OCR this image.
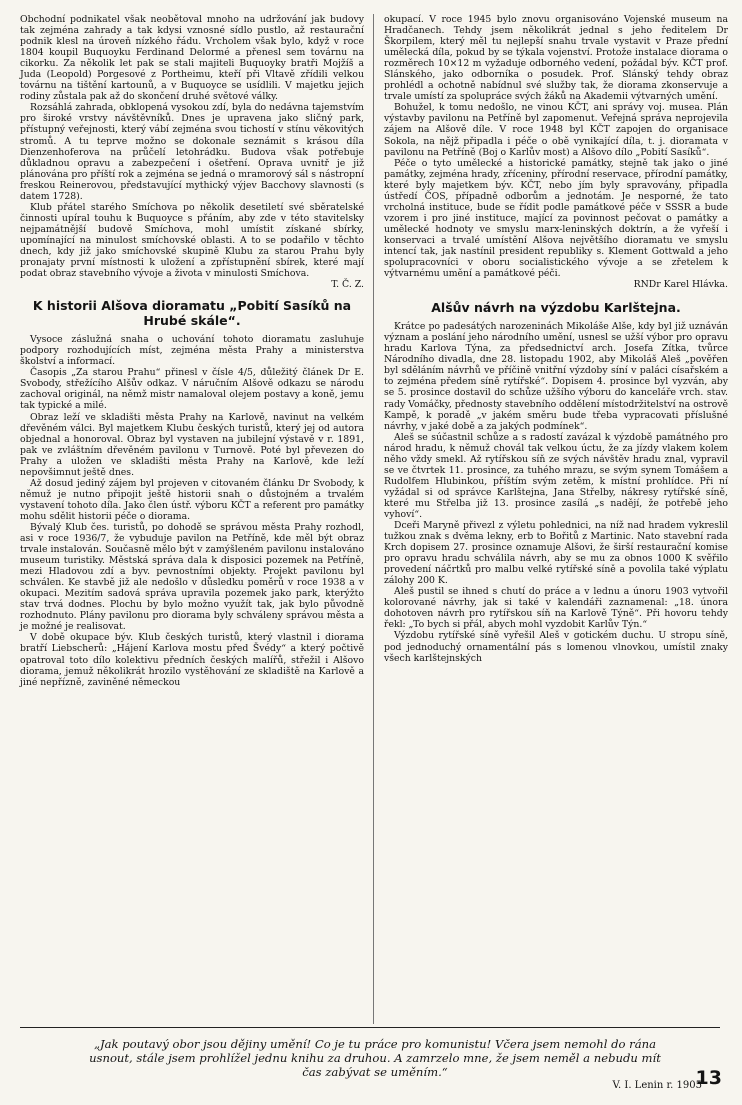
Obchodní podnikatel však neobětoval mnoho na udržování jak budovy tak zejména zahrady a tak kdysi vznosné sídlo pustlo, až restaurační podnik klesl na úroveň nízkého řádu. Vrcholem však bylo, když v roce 1804 koupil Buquoyku Ferdinand Delormé a přenesl sem továrnu na cikorku. Za několik let pak se stali majiteli Buquoyky bratři Mojžíš a Juda (Leopold) Porgesové z Portheimu, kteří při Vltavě zřídili velkou továrnu na tištění kartounů, a v Buquoyce se usídlili. V majetku jejich rodiny zůstala pak až do skončení druhé světové války.

Rozsáhlá zahrada, obklopená vysokou zdí, byla do nedávna tajemstvím pro široké vrstvy návštěvníků. Dnes je upravena jako sličný park, přístupný veřejnosti, který vábí zejména svou tichostí v stínu věkovitých stromů. A tu teprve možno se dokonale seznámit s krásou díla Dienzenhoferova na průčelí letohrádku. Budova však potřebuje důkladnou opravu a zabezpečení i ošetření. Oprava uvnitř je již plánována pro příští rok a zejména se jedná o mramorový sál s nástropní freskou Reinerovou, představující mythický výjev Bacchovy slavnosti (s datem 1728).

Klub přátel starého Smíchova po několik desetiletí své sběratelské činnosti upíral touhu k Buquoyce s přáním, aby zde v této stavitelsky nejpamátnější budově Smíchova, mohl umístit získané sbírky, upomínající na minulost smíchovské oblasti. A to se podařilo v těchto dnech, kdy již jako smíchovské skupině Klubu za starou Prahu byly pronajaty první místnosti k uložení a zpřístupnění sbírek, které mají podat obraz stavebního vývoje a života v minulosti Smíchova.

T. Č. Z.

K historii Alšova dioramatu „Pobití Sasíků na Hrubé skále“.

Vysoce záslužná snaha o uchování tohoto dioramatu zasluhuje podpory rozhodujících míst, zejména města Prahy a ministerstva školství a informací.

Časopis „Za starou Prahu“ přinesl v čísle 4/5, důležitý článek Dr E. Svobody, střežícího Alšův odkaz. V náručním Alšově odkazu se národu zachoval originál, na němž mistr namaloval olejem postavy a koně, jemu tak typické a milé.

Obraz leží ve skladišti města Prahy na Karlově, navinut na velkém dřevěném válci. Byl majetkem Klubu českých turistů, který jej od autora objednal a honoroval. Obraz byl vystaven na jubilejní výstavě v r. 1891, pak ve zvláštním dřevěném pavilonu v Turnově. Poté byl převezen do Prahy a uložen ve skladišti města Prahy na Karlově, kde leží nepovšimnut ještě dnes.

Až dosud jediný zájem byl projeven v citovaném článku Dr Svobody, k němuž je nutno připojit ještě historii snah o důstojném a trvalém vystavení tohoto díla. Jako člen ústř. výboru KČT a referent pro památky mohu sdělit historii péče o diorama.

Bývalý Klub čes. turistů, po dohodě se správou města Prahy rozhodl, asi v roce 1936/7, že vybuduje pavilon na Petříně, kde měl být obraz trvale instalován. Současně mělo být v zamýšleném pavilonu instalováno museum turistiky. Městská správa dala k disposici pozemek na Petříně, mezi Hladovou zdí a byv. pevnostními objekty. Projekt pavilonu byl schválen. Ke stavbě již ale nedošlo v důsledku poměrů v roce 1938 a v okupaci. Mezitím sadová správa upravila pozemek jako park, kterýžto stav trvá dodnes. Plochu by bylo možno využít tak, jak bylo původně rozhodnuto. Plány pavilonu pro diorama byly schváleny správou města a je možné je realisovat.

V době okupace býv. Klub českých turistů, který vlastnil i diorama bratří Liebscherů: „Hájení Karlova mostu před Švédy“ a který počtivě opatroval toto dílo kolektivu předních českých malířů, střežil i Alšovo diorama, jemuž několikrát hrozilo vystěhování ze skladiště na Karlově a jiné nepřízně, zaviněné německou

okupací. V roce 1945 bylo znovu organisováno Vojenské museum na Hradčanech. Tehdy jsem několikrát jednal s jeho ředitelem Dr Škorpilem, který měl tu nejlepší snahu trvale vystavit v Praze přední umělecká díla, pokud by se týkala vojenství. Protože instalace diorama o rozměrech 10×12 m vyžaduje odborného vedení, požádal býv. KČT prof. Slánského, jako odborníka o posudek. Prof. Slánský tehdy obraz prohlédl a ochotně nabídnul své služby tak, že diorama zkonservuje a trvale umístí za spolupráce svých žáků na Akademii výtvarných umění.

Bohužel, k tomu nedošlo, ne vinou KČT, ani správy voj. musea. Plán výstavby pavilonu na Petříně byl zapomenut. Veřejná správa neprojevila zájem na Alšově díle. V roce 1948 byl KČT zapojen do organisace Sokola, na nějž připadla i péče o obě vynikající díla, t. j. dioramata v pavilonu na Petříně (Boj o Karlův most) a Alšovo dílo „Pobití Sasíků“.

Péče o tyto umělecké a historické památky, stejně tak jako o jiné památky, zejména hrady, zříceniny, přírodní reservace, přírodní památky, které byly majetkem býv. KČT, nebo jím byly spravovány, připadla ústředí ČOS, případně odborům a jednotám. Je nesporné, že tato vrcholná instituce, bude se řídit podle památkové péče v SSSR a bude vzorem i pro jiné instituce, mající za povinnost pečovat o památky a umělecké hodnoty ve smyslu marx-leninských doktrín, a že vyřeší i konservaci a trvalé umístění Alšova největšího dioramatu ve smyslu intencí tak, jak nastínil president republiky s. Klement Gottwald a jeho spolupracovníci v oboru socialistického vývoje a se zřetelem k výtvarnému umění a památkové péči.

RNDr Karel Hlávka.

Alšův návrh na výzdobu Karlštejna.

Krátce po padesátých narozeninách Mikoláše Alše, kdy byl již uznáván význam a poslání jeho národního umění, usnesl se užší výbor pro opravu hradu Karlova Týna, za předsednictví arch. Josefa Zítka, tvůrce Národního divadla, dne 28. listopadu 1902, aby Mikoláš Aleš „pověřen byl sděláním návrhů ve příčině vnitřní výzdoby síní v paláci císařském a to zejména předem síně rytířské“. Dopisem 4. prosince byl vyzván, aby se 5. prosince dostavil do schůze užšího výboru do kanceláře vrch. stav. rady Vomáčky, přednosty stavebního oddělení místodržitelství na ostrově Kampě, k poradě „v jakém směru bude třeba vypracovati příslušné návrhy, v jaké době a za jakých podmínek“.

Aleš se súčastnil schůze a s radostí zavázal k výzdobě památného pro národ hradu, k němuž chovál tak velkou úctu, že za jízdy vlakem kolem něho vždy smekl. Až rytířskou síň ze svých návštěv hradu znal, vypravil se ve čtvrtek 11. prosince, za tuhého mrazu, se svým synem Tomášem a Rudolfem Hlubinkou, příštím svým zetěm, k místní prohlídce. Při ní vyžádal si od správce Karlštejna, Jana Střelby, nákresy rytířské síně, které mu Střelba již 13. prosince zasílá „s nadějí, že potřebě jeho vyhoví“.

Dceři Maryně přivezl z výletu pohlednici, na níž nad hradem vykreslil tužkou znak s dvěma lekny, erb to Bořitů z Martinic. Nato stavební rada Krch dopisem 27. prosince oznamuje Alšovi, že širší restaurační komise pro opravu hradu schválila návrh, aby se mu za obnos 1000 K svěřilo provedení náčrtků pro malbu velké rytířské síně a povolila také výplatu zálohy 200 K.

Aleš pustil se ihned s chutí do práce a v lednu a únoru 1903 vytvořil kolorované návrhy, jak si také v kalendáři zaznamenal: „18. února dohotoven návrh pro rytířskou síň na Karlově Týně“. Při hovoru tehdy řekl: „To bych si přál, abych mohl vyzdobit Karlův Týn.“

Výzdobu rytířské síně vyřešil Aleš v gotickém duchu. U stropu síně, pod jednoduchý ornamentální pás s lomenou vlnovkou, umístil znaky všech karlštejnských

„Jak poutavý obor jsou dějiny umění! Co je tu práce pro komunistu! Včera jsem nemohl do rána usnout, stále jsem prohlížel jednu knihu za druhou. A zamrzelo mne, že jsem neměl a nebudu mít čas zabývat se uměním.“
V. I. Lenin r. 1905
13
